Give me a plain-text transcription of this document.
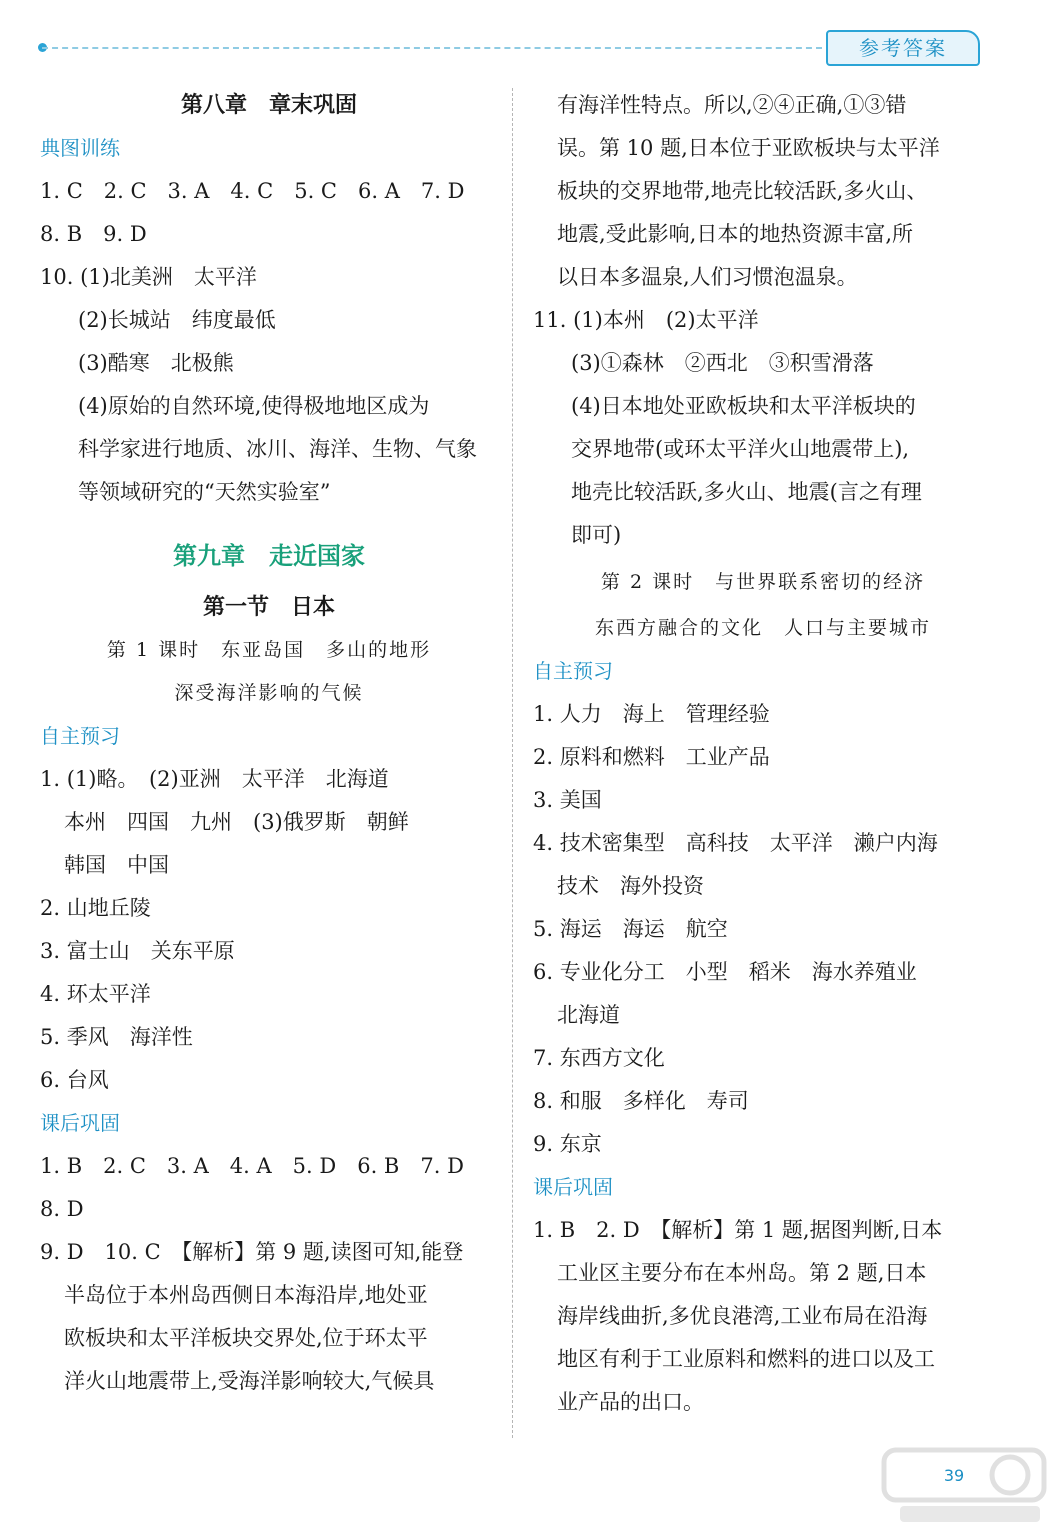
参考答案
第八章　章末巩固
典图训练
1. C　2. C　3. A　4. C　5. C　6. A　7. D
8. B　9. D
10. (1)北美洲　太平洋
(2)长城站　纬度最低
(3)酷寒　北极熊
(4)原始的自然环境,使得极地地区成为
科学家进行地质、冰川、海洋、生物、气象
等领域研究的“天然实验室”
第九章　走近国家
第一节　日本
第 1 课时　东亚岛国　多山的地形
深受海洋影响的气候
自主预习
1. (1)略。　(2)亚洲　太平洋　北海道
本州　四国　九州　(3)俄罗斯　朝鲜
韩国　中国
2. 山地丘陵
3. 富士山　关东平原
4. 环太平洋
5. 季风　海洋性
6. 台风
课后巩固
1. B　2. C　3. A　4. A　5. D　6. B　7. D
8. D
9. D　10. C　【解析】第 9 题,读图可知,能登
半岛位于本州岛西侧日本海沿岸,地处亚
欧板块和太平洋板块交界处,位于环太平
洋火山地震带上,受海洋影响较大,气候具
有海洋性特点。所以,②④正确,①③错
误。第 10 题,日本位于亚欧板块与太平洋
板块的交界地带,地壳比较活跃,多火山、
地震,受此影响,日本的地热资源丰富,所
以日本多温泉,人们习惯泡温泉。
11. (1)本州　(2)太平洋
(3)①森林　②西北　③积雪滑落
(4)日本地处亚欧板块和太平洋板块的
交界地带(或环太平洋火山地震带上),
地壳比较活跃,多火山、地震(言之有理
即可)
第 2 课时　与世界联系密切的经济
东西方融合的文化　人口与主要城市
自主预习
1. 人力　海上　管理经验
2. 原料和燃料　工业产品
3. 美国
4. 技术密集型　高科技　太平洋　濑户内海
技术　海外投资
5. 海运　海运　航空
6. 专业化分工　小型　稻米　海水养殖业
北海道
7. 东西方文化
8. 和服　多样化　寿司
9. 东京
课后巩固
1. B　2. D　【解析】第 1 题,据图判断,日本
工业区主要分布在本州岛。第 2 题,日本
海岸线曲折,多优良港湾,工业布局在沿海
地区有利于工业原料和燃料的进口以及工
业产品的出口。
39
